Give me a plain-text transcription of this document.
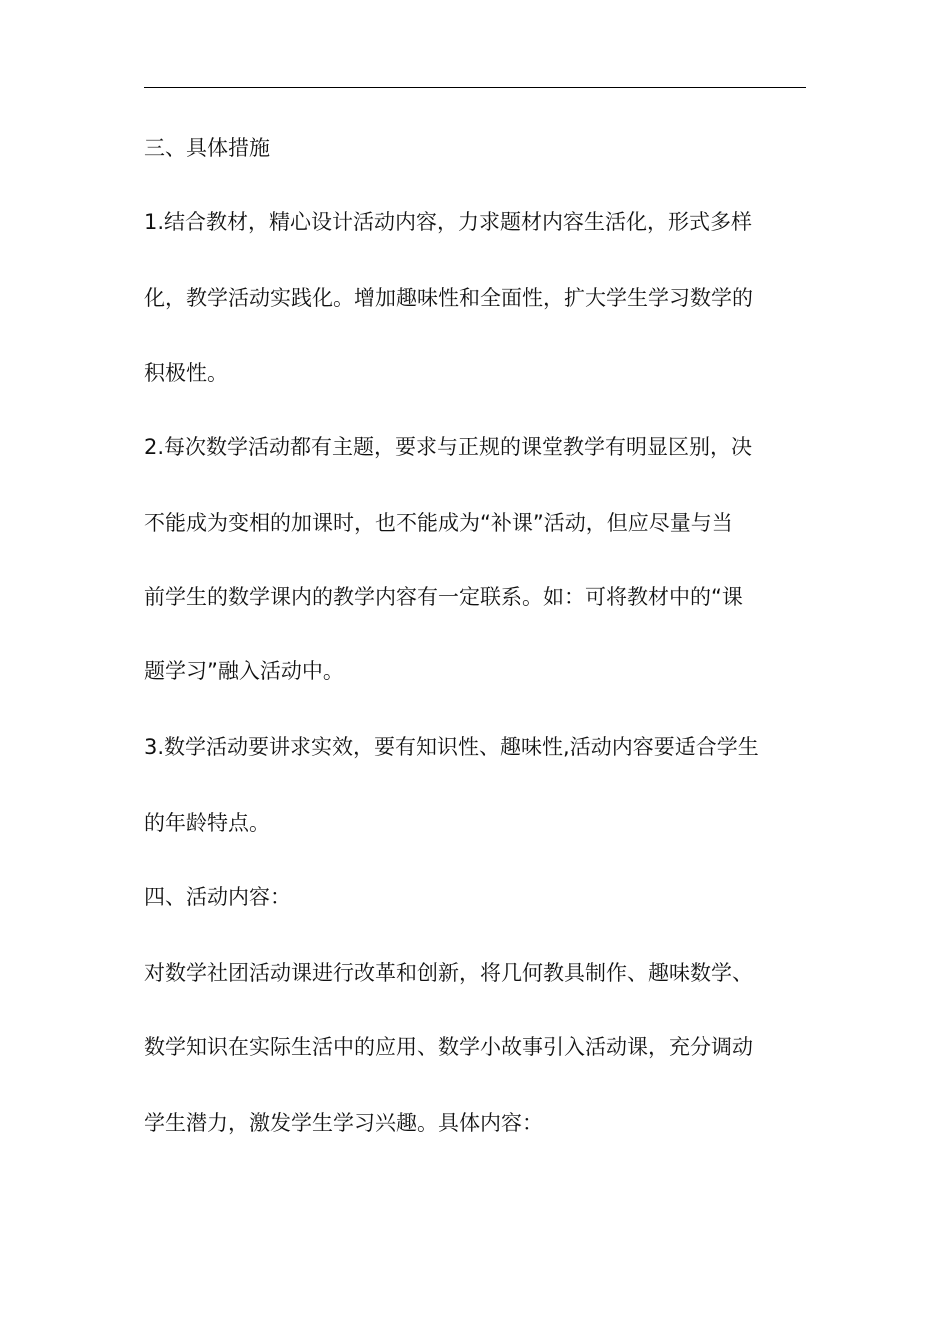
三、具体措施
1.结合教材，精心设计活动内容，力求题材内容生活化，形式多样
化，教学活动实践化。增加趣味性和全面性，扩大学生学习数学的
积极性。
2.每次数学活动都有主题，要求与正规的课堂教学有明显区别，决
不能成为变相的加课时，也不能成为“补课”活动，但应尽量与当
前学生的数学课内的教学内容有一定联系。如：可将教材中的“课
题学习”融入活动中。
3.数学活动要讲求实效，要有知识性、趣味性,活动内容要适合学生
的年龄特点。
四、活动内容：
对数学社团活动课进行改革和创新，将几何教具制作、趣味数学、
数学知识在实际生活中的应用、数学小故事引入活动课，充分调动
学生潜力，激发学生学习兴趣。具体内容：
